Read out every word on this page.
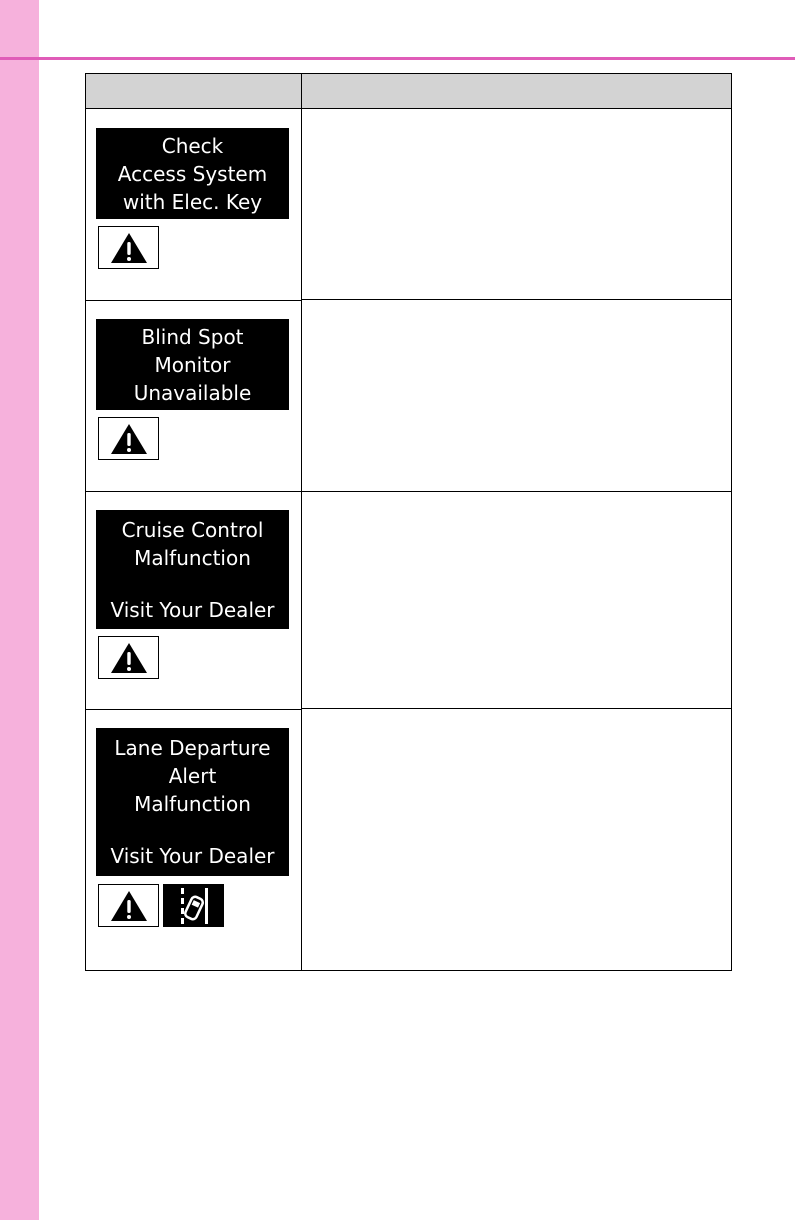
Check
Access System
with Elec. Key
Blind Spot
Monitor
Unavailable
Cruise Control
Malfunction
Visit Your Dealer
Lane Departure
Alert
Malfunction
Visit Your Dealer
